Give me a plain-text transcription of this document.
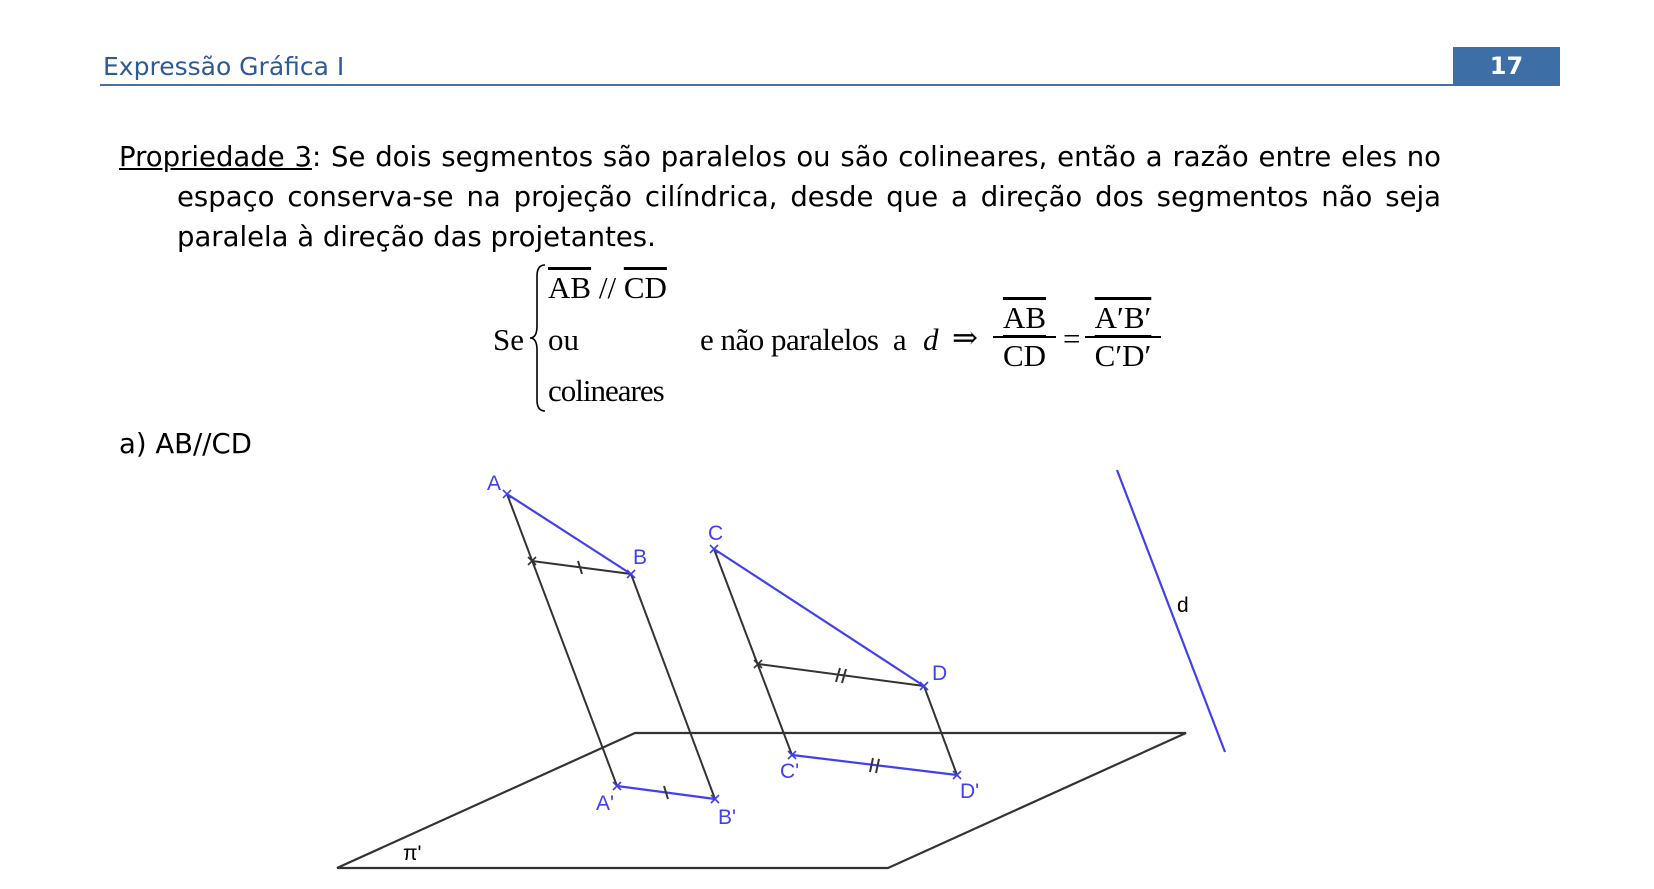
Expressão Gráfica I	17
Propriedade 3: Se dois segmentos são paralelos ou são colineares, então a razão entre eles no
espaço conserva-se na projeção cilíndrica, desde que a direção dos segmentos não seja
paralela à direção das projetantes.
Se
$\overline{AB} // \overline{CD}$
ou
colineares
e não paralelos  a d ⇒ $\frac{\overline{AB}}{CD} = \frac{A'B'}{C'D'}$
a) AB//CD
A
B
C
D
A'
B'
C'
D'
d
π'
